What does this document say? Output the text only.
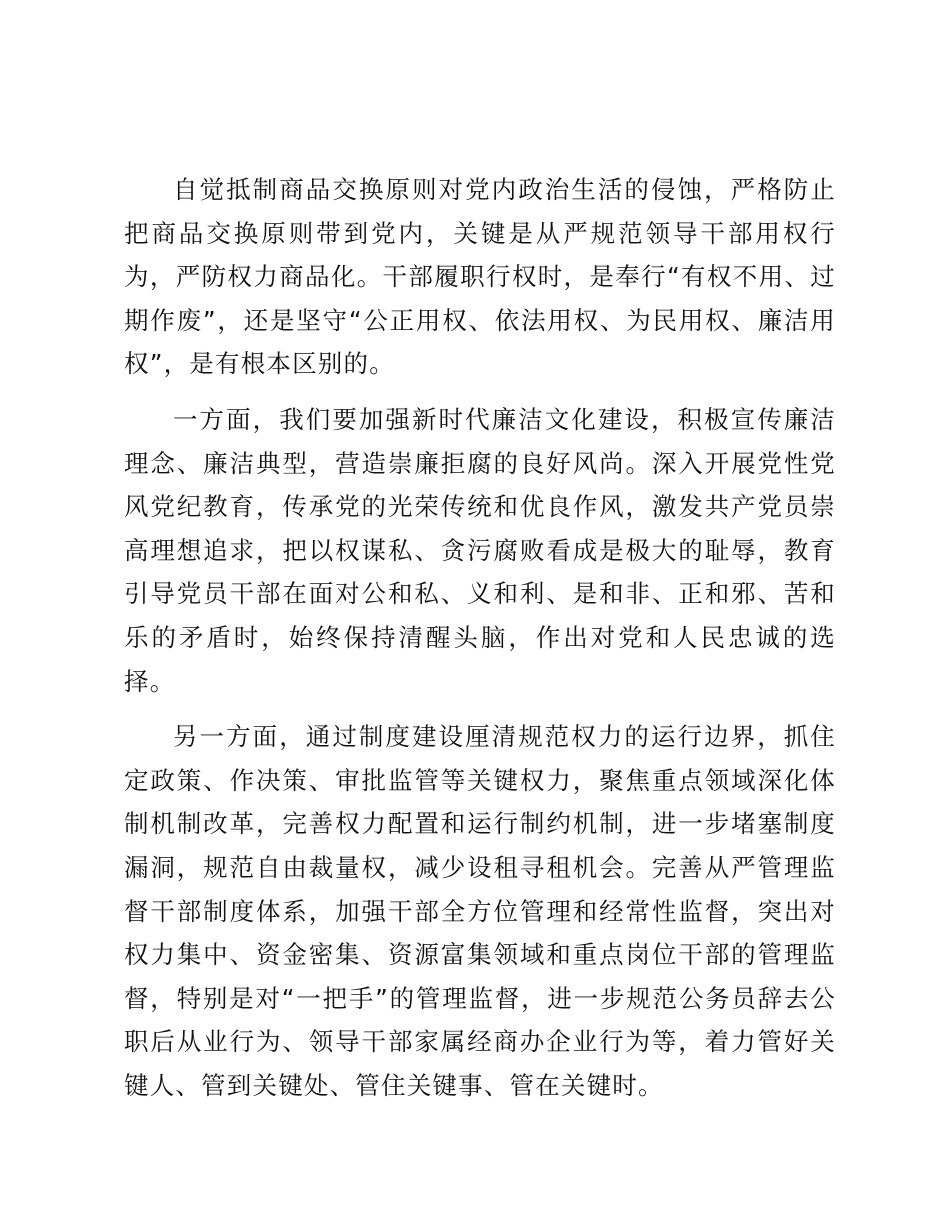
自觉抵制商品交换原则对党内政治生活的侵蚀，严格防止把商品交换原则带到党内，关键是从严规范领导干部用权行为，严防权力商品化。干部履职行权时，是奉行“有权不用、过期作废”，还是坚守“公正用权、依法用权、为民用权、廉洁用权”，是有根本区别的。

一方面，我们要加强新时代廉洁文化建设，积极宣传廉洁理念、廉洁典型，营造崇廉拒腐的良好风尚。深入开展党性党风党纪教育，传承党的光荣传统和优良作风，激发共产党员崇高理想追求，把以权谋私、贪污腐败看成是极大的耻辱，教育引导党员干部在面对公和私、义和利、是和非、正和邪、苦和乐的矛盾时，始终保持清醒头脑，作出对党和人民忠诚的选择。

另一方面，通过制度建设厘清规范权力的运行边界，抓住定政策、作决策、审批监管等关键权力，聚焦重点领域深化体制机制改革，完善权力配置和运行制约机制，进一步堵塞制度漏洞，规范自由裁量权，减少设租寻租机会。完善从严管理监督干部制度体系，加强干部全方位管理和经常性监督，突出对权力集中、资金密集、资源富集领域和重点岗位干部的管理监督，特别是对“一把手”的管理监督，进一步规范公务员辞去公职后从业行为、领导干部家属经商办企业行为等，着力管好关键人、管到关键处、管住关键事、管在关键时。
